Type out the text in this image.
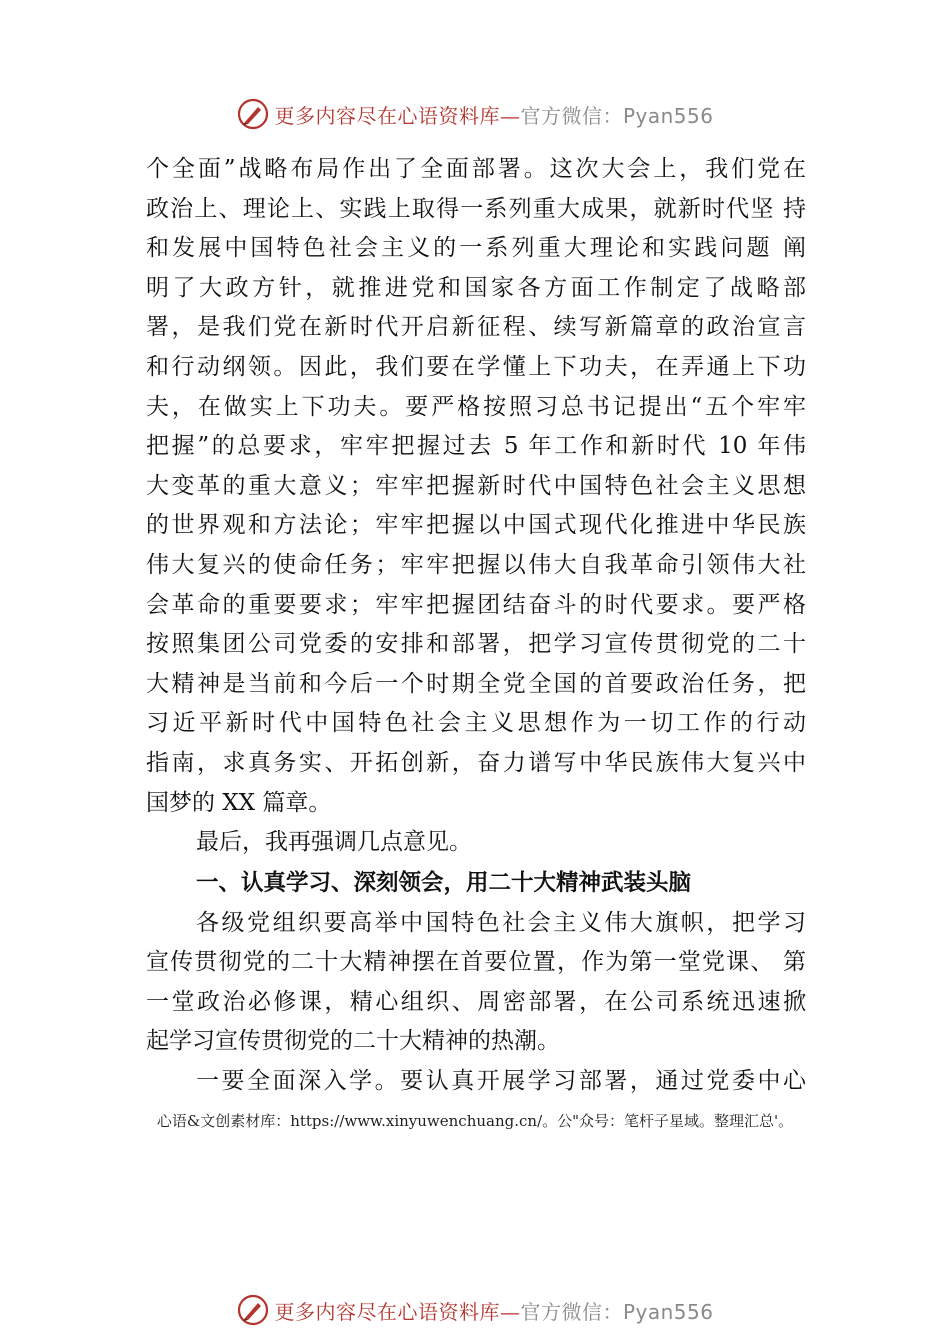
更多内容尽在心语资料库—官方微信：Pyan556
个全面”战略布局作出了全面部署。这次大会上，我们党在
政治上、理论上、实践上取得一系列重大成果，就新时代坚 持
和发展中国特色社会主义的一系列重大理论和实践问题 阐
明了大政方针，就推进党和国家各方面工作制定了战略部
署，是我们党在新时代开启新征程、续写新篇章的政治宣言
和行动纲领。因此，我们要在学懂上下功夫，在弄通上下功
夫，在做实上下功夫。要严格按照习总书记提出“五个牢牢
把握”的总要求，牢牢把握过去 5 年工作和新时代 10 年伟
大变革的重大意义；牢牢把握新时代中国特色社会主义思想
的世界观和方法论；牢牢把握以中国式现代化推进中华民族
伟大复兴的使命任务；牢牢把握以伟大自我革命引领伟大社
会革命的重要要求；牢牢把握团结奋斗的时代要求。要严格
按照集团公司党委的安排和部署，把学习宣传贯彻党的二十
大精神是当前和今后一个时期全党全国的首要政治任务，把
习近平新时代中国特色社会主义思想作为一切工作的行动
指南，求真务实、开拓创新，奋力谱写中华民族伟大复兴中
国梦的 XX 篇章。
最后，我再强调几点意见。
一、认真学习、深刻领会，用二十大精神武装头脑
各级党组织要高举中国特色社会主义伟大旗帜，把学习
宣传贯彻党的二十大精神摆在首要位置，作为第一堂党课、 第
一堂政治必修课，精心组织、周密部署，在公司系统迅速掀
起学习宣传贯彻党的二十大精神的热潮。
一要全面深入学。要认真开展学习部署，通过党委中心
心语&文创素材库：https://www.xinyuwenchuang.cn/。公"众号：笔杆子星域。整理汇总'。
更多内容尽在心语资料库—官方微信：Pyan556
